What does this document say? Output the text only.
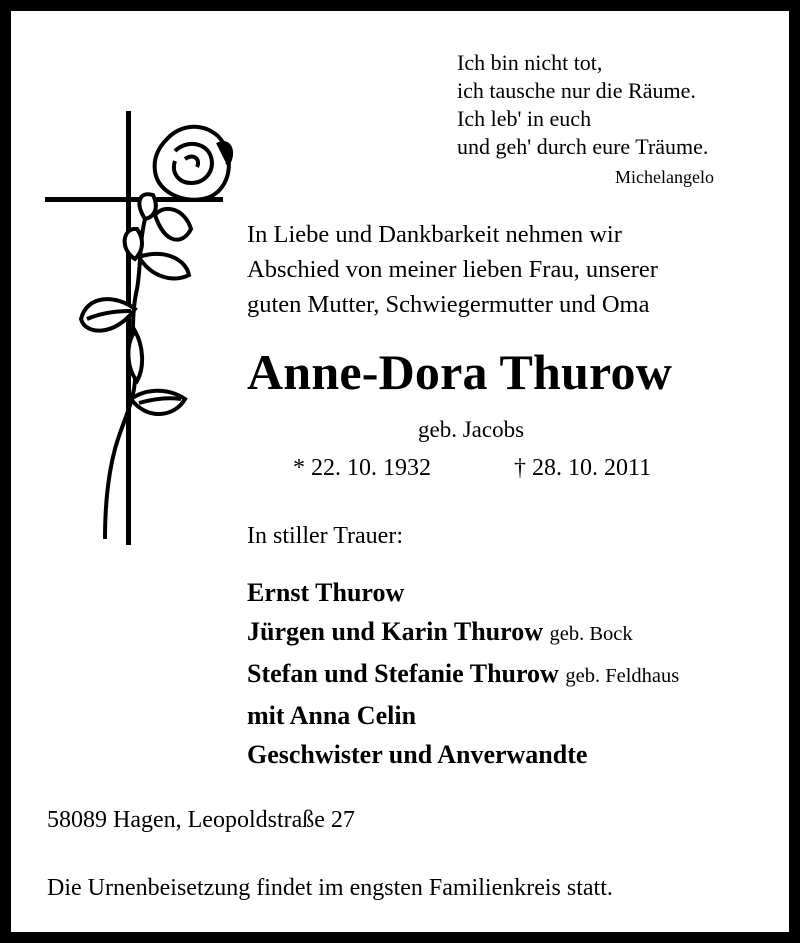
Ich bin nicht tot,
ich tausche nur die Räume.
Ich leb' in euch
und geh' durch eure Träume.
Michelangelo
In Liebe und Dankbarkeit nehmen wir
Abschied von meiner lieben Frau, unserer
guten Mutter, Schwiegermutter und Oma
Anne-Dora Thurow
geb. Jacobs
* 22. 10. 1932	† 28. 10. 2011
In stiller Trauer:
Ernst Thurow
Jürgen und Karin Thurow geb. Bock
Stefan und Stefanie Thurow geb. Feldhaus
mit Anna Celin
Geschwister und Anverwandte
58089 Hagen, Leopoldstraße 27
Die Urnenbeisetzung findet im engsten Familienkreis statt.
